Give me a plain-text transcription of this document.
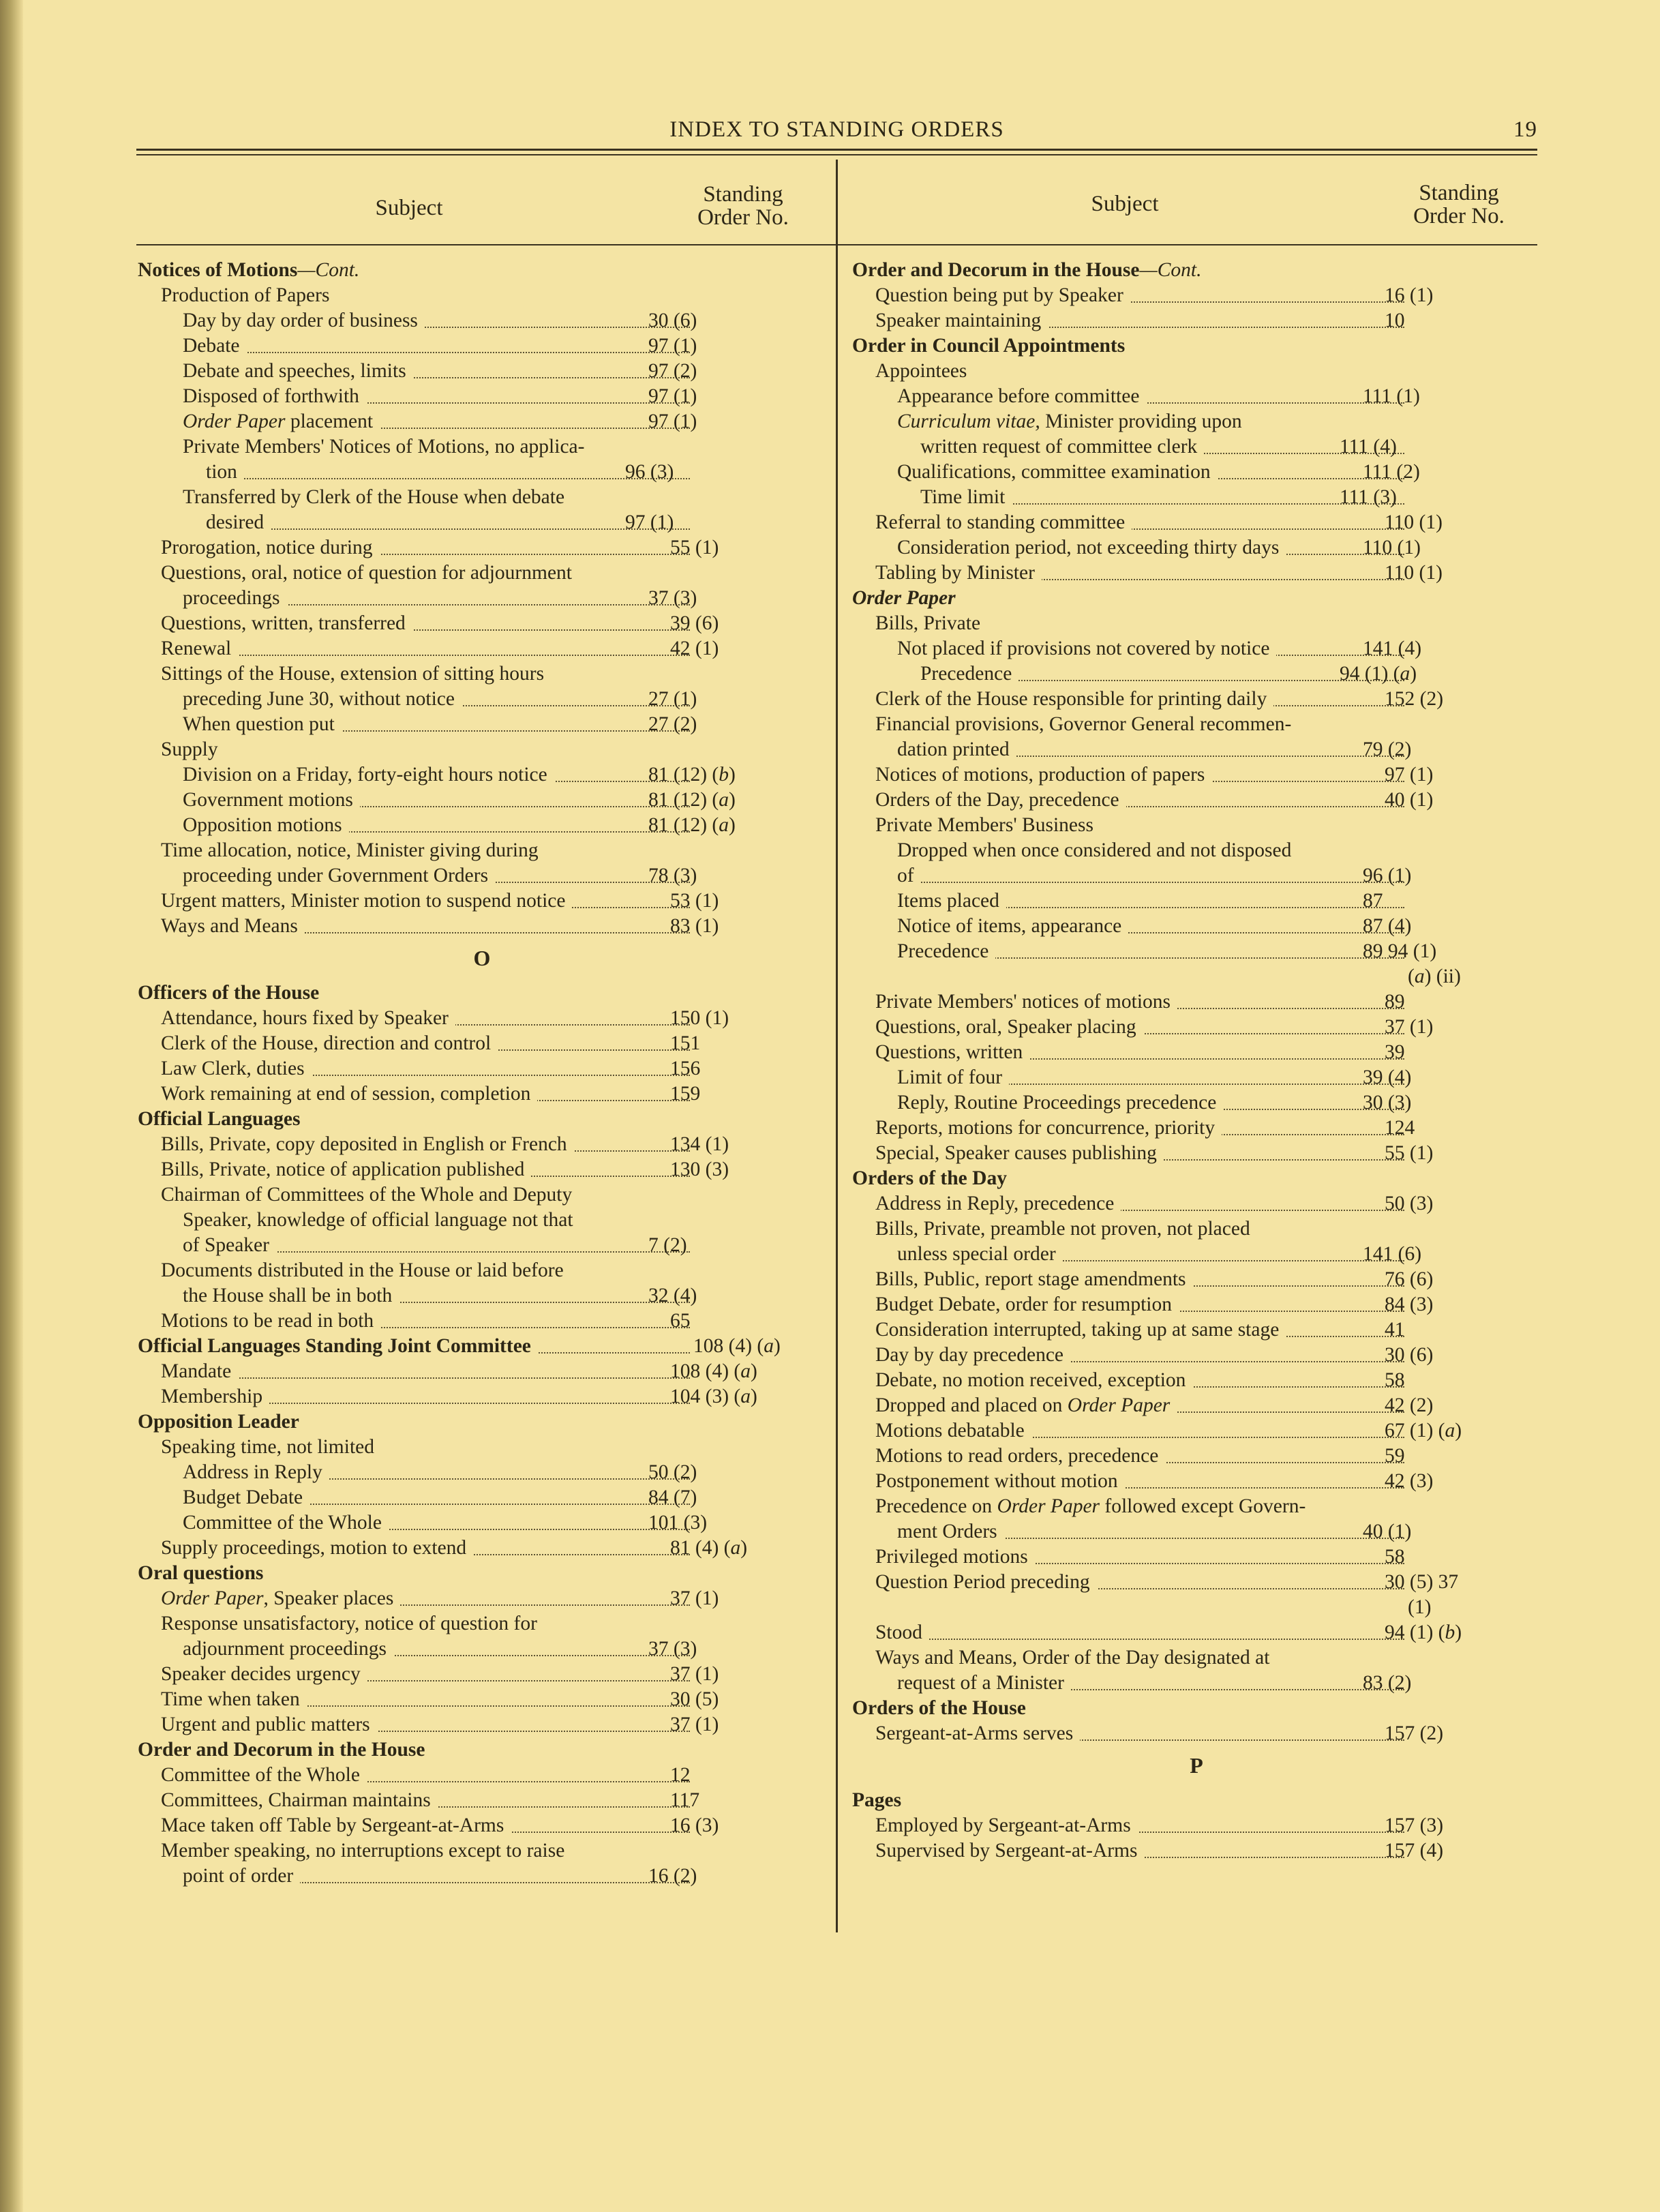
INDEX TO STANDING ORDERS	19
Subject
Standing
Order No.
Subject	Standing
Order No.
Notices of Motions—Cont.
Production of Papers
Day by day order of business	30 (6)
Debate	97 (1)
Debate and speeches, limits	97 (2)
Disposed of forthwith	97 (1)
Order Paper placement	97 (1)
Private Members' Notices of Motions, no applica-
tion	96 (3)
Transferred by Clerk of the House when debate
desired	97 (1)
Prorogation, notice during	55 (1)
Questions, oral, notice of question for adjournment
proceedings	37 (3)
Questions, written, transferred	39 (6)
Renewal	42 (1)
Sittings of the House, extension of sitting hours
preceding June 30, without notice	27 (1)
When question put	27 (2)
Supply
Division on a Friday, forty-eight hours notice	81 (12) (b)
Government motions	81 (12) (a)
Opposition motions	81 (12) (a)
Time allocation, notice, Minister giving during
proceeding under Government Orders	78 (3)
Urgent matters, Minister motion to suspend notice	53 (1)
Ways and Means	83 (1)
O
Officers of the House
Attendance, hours fixed by Speaker	150 (1)
Clerk of the House, direction and control	151
Law Clerk, duties	156
Work remaining at end of session, completion	159
Official Languages
Bills, Private, copy deposited in English or French	134 (1)
Bills, Private, notice of application published	130 (3)
Chairman of Committees of the Whole and Deputy
Speaker, knowledge of official language not that
of Speaker	7 (2)
Documents distributed in the House or laid before
the House shall be in both	32 (4)
Motions to be read in both	65
Official Languages Standing Joint Committee	108 (4) (a)
Mandate	108 (4) (a)
Membership	104 (3) (a)
Opposition Leader
Speaking time, not limited
Address in Reply	50 (2)
Budget Debate	84 (7)
Committee of the Whole	101 (3)
Supply proceedings, motion to extend	81 (4) (a)
Oral questions
Order Paper, Speaker places	37 (1)
Response unsatisfactory, notice of question for
adjournment proceedings	37 (3)
Speaker decides urgency	37 (1)
Time when taken	30 (5)
Urgent and public matters	37 (1)
Order and Decorum in the House
Committee of the Whole	12
Committees, Chairman maintains	117
Mace taken off Table by Sergeant-at-Arms	16 (3)
Member speaking, no interruptions except to raise
point of order	16 (2)
Order and Decorum in the House—Cont.
Question being put by Speaker	16 (1)
Speaker maintaining	10
Order in Council Appointments
Appointees
Appearance before committee	111 (1)
Curriculum vitae, Minister providing upon
written request of committee clerk	111 (4)
Qualifications, committee examination	111 (2)
Time limit	111 (3)
Referral to standing committee	110 (1)
Consideration period, not exceeding thirty days	110 (1)
Tabling by Minister	110 (1)
Order Paper
Bills, Private
Not placed if provisions not covered by notice	141 (4)
Precedence	94 (1) (a)
Clerk of the House responsible for printing daily	152 (2)
Financial provisions, Governor General recommen-
dation printed	79 (2)
Notices of motions, production of papers	97 (1)
Orders of the Day, precedence	40 (1)
Private Members' Business
Dropped when once considered and not disposed
of	96 (1)
Items placed	87
Notice of items, appearance	87 (4)
Precedence	89 94 (1)

(a) (ii)
Private Members' notices of motions	89
Questions, oral, Speaker placing	37 (1)
Questions, written	39
Limit of four	39 (4)
Reply, Routine Proceedings precedence	30 (3)
Reports, motions for concurrence, priority	124
Special, Speaker causes publishing	55 (1)
Orders of the Day
Address in Reply, precedence	50 (3)
Bills, Private, preamble not proven, not placed
unless special order	141 (6)
Bills, Public, report stage amendments	76 (6)
Budget Debate, order for resumption	84 (3)
Consideration interrupted, taking up at same stage	41
Day by day precedence	30 (6)
Debate, no motion received, exception	58
Dropped and placed on Order Paper	42 (2)
Motions debatable	67 (1) (a)
Motions to read orders, precedence	59
Postponement without motion	42 (3)
Precedence on Order Paper followed except Govern-
ment Orders	40 (1)
Privileged motions	58
Question Period preceding	30 (5) 37

(1)
Stood	94 (1) (b)
Ways and Means, Order of the Day designated at
request of a Minister	83 (2)
Orders of the House
Sergeant-at-Arms serves	157 (2)
P
Pages
Employed by Sergeant-at-Arms	157 (3)
Supervised by Sergeant-at-Arms	157 (4)
